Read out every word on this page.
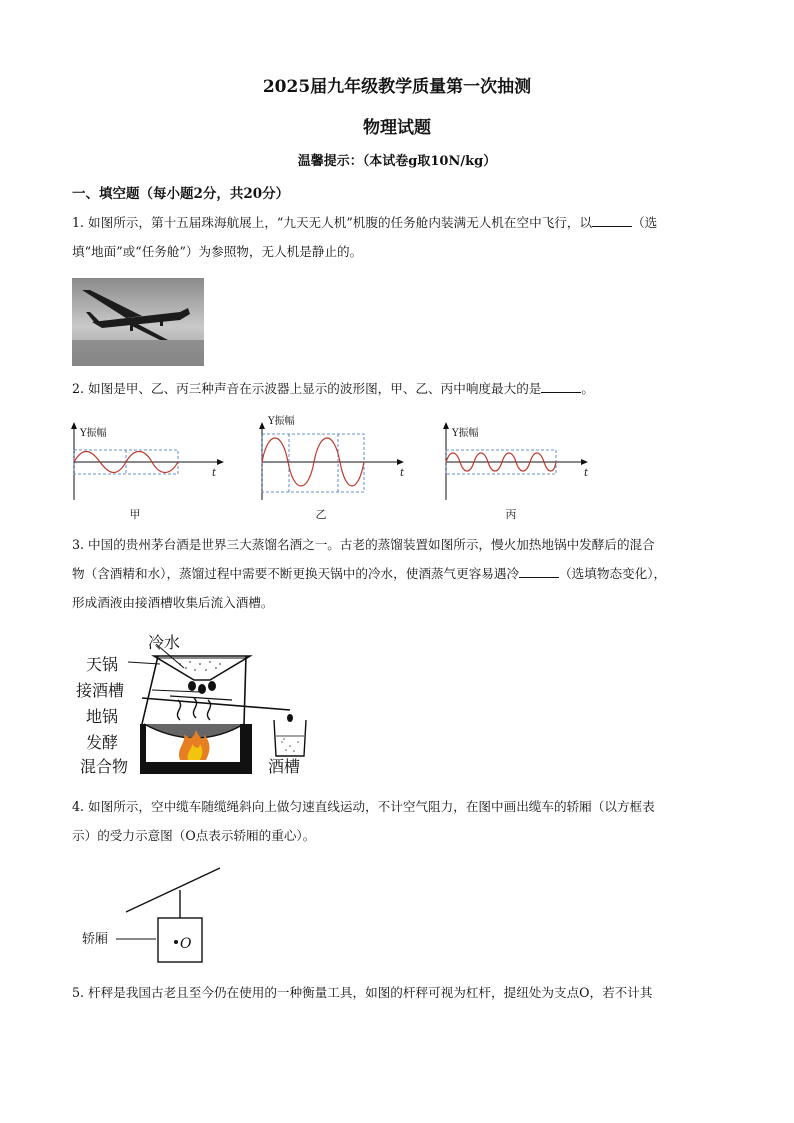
2025届九年级教学质量第一次抽测
物理试题
温馨提示：（本试卷g取10N/kg）
一、填空题（每小题2分，共20分）
1. 如图所示，第十五届珠海航展上，“九天无人机”机腹的任务舱内装满无人机在空中飞行，以	（选
填“地面”或“任务舱”）为参照物，无人机是静止的。
2. 如图是甲、乙、丙三种声音在示波器上显示的波形图，甲、乙、丙中响度最大的是	。
Y振幅
t
甲
Y振幅
t
乙
Y振幅
t
丙
3. 中国的贵州茅台酒是世界三大蒸馏名酒之一。古老的蒸馏装置如图所示，慢火加热地锅中发酵后的混合
物（含酒精和水），蒸馏过程中需要不断更换天锅中的冷水，使酒蒸气更容易遇冷	（选填物态变化），
形成酒液由接酒槽收集后流入酒槽。
冷水
天锅
接酒槽
地锅
发酵
混合物	酒槽
4. 如图所示，空中缆车随缆绳斜向上做匀速直线运动，不计空气阻力，在图中画出缆车的轿厢（以方框表
示）的受力示意图（O点表示轿厢的重心）。
轿厢	O
5. 杆秤是我国古老且至今仍在使用的一种衡量工具，如图的杆秤可视为杠杆，提纽处为支点O，若不计其
